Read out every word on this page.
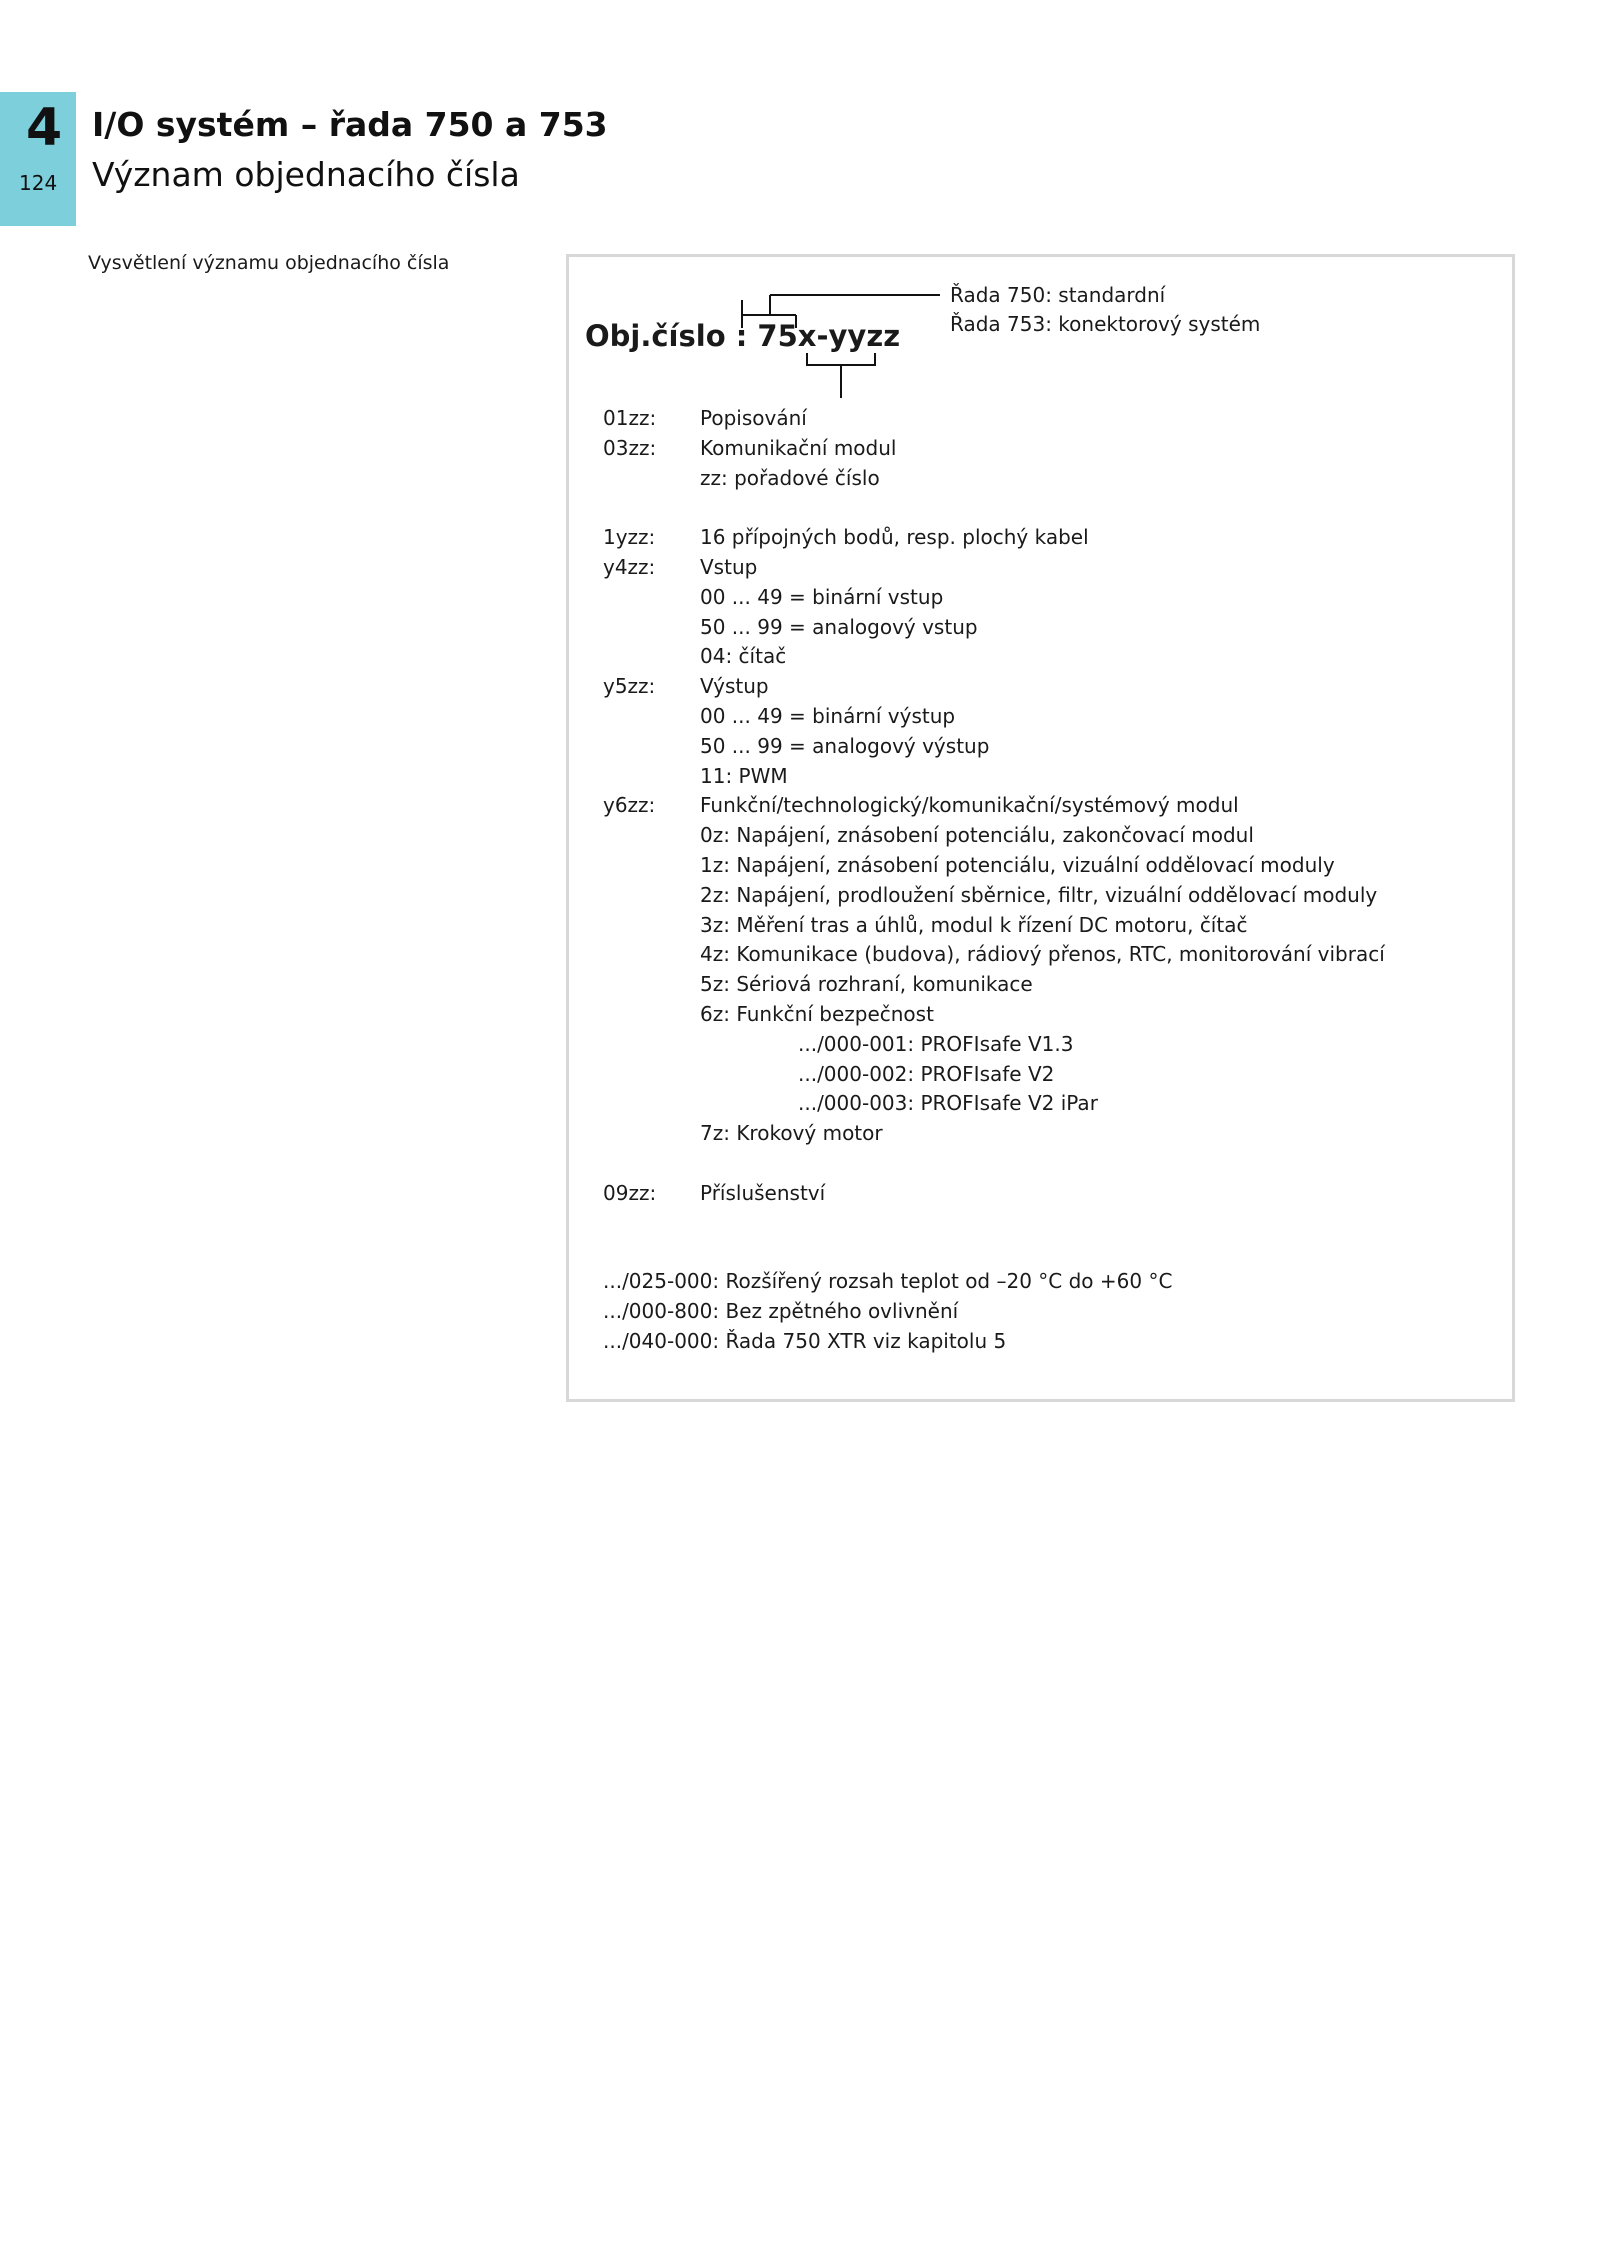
4
124
I/O systém – řada 750 a 753
Význam objednacího čísla
Vysvětlení významu objednacího čísla
Obj.číslo : 75x-yyzz
Řada 750: standardní
Řada 753: konektorový systém
01zz: Popisování
03zz: Komunikační modul
zz: pořadové číslo
1yzz: 16 přípojných bodů, resp. plochý kabel
y4zz: Vstup
00 ... 49 = binární vstup
50 ... 99 = analogový vstup
04: čítač
y5zz: Výstup
00 ... 49 = binární výstup
50 ... 99 = analogový výstup
11: PWM
y6zz: Funkční/technologický/komunikační/systémový modul
0z: Napájení, znásobení potenciálu, zakončovací modul
1z: Napájení, znásobení potenciálu, vizuální oddělovací moduly
2z: Napájení, prodloužení sběrnice, filtr, vizuální oddělovací moduly
3z: Měření tras a úhlů, modul k řízení DC motoru, čítač
4z: Komunikace (budova), rádiový přenos, RTC, monitorování vibrací
5z: Sériová rozhraní, komunikace
6z: Funkční bezpečnost
.../000-001: PROFIsafe V1.3
.../000-002: PROFIsafe V2
.../000-003: PROFIsafe V2 iPar
7z: Krokový motor
09zz: Příslušenství
.../025-000: Rozšířený rozsah teplot od –20 °C do +60 °C
.../000-800: Bez zpětného ovlivnění
.../040-000: Řada 750 XTR viz kapitolu 5
